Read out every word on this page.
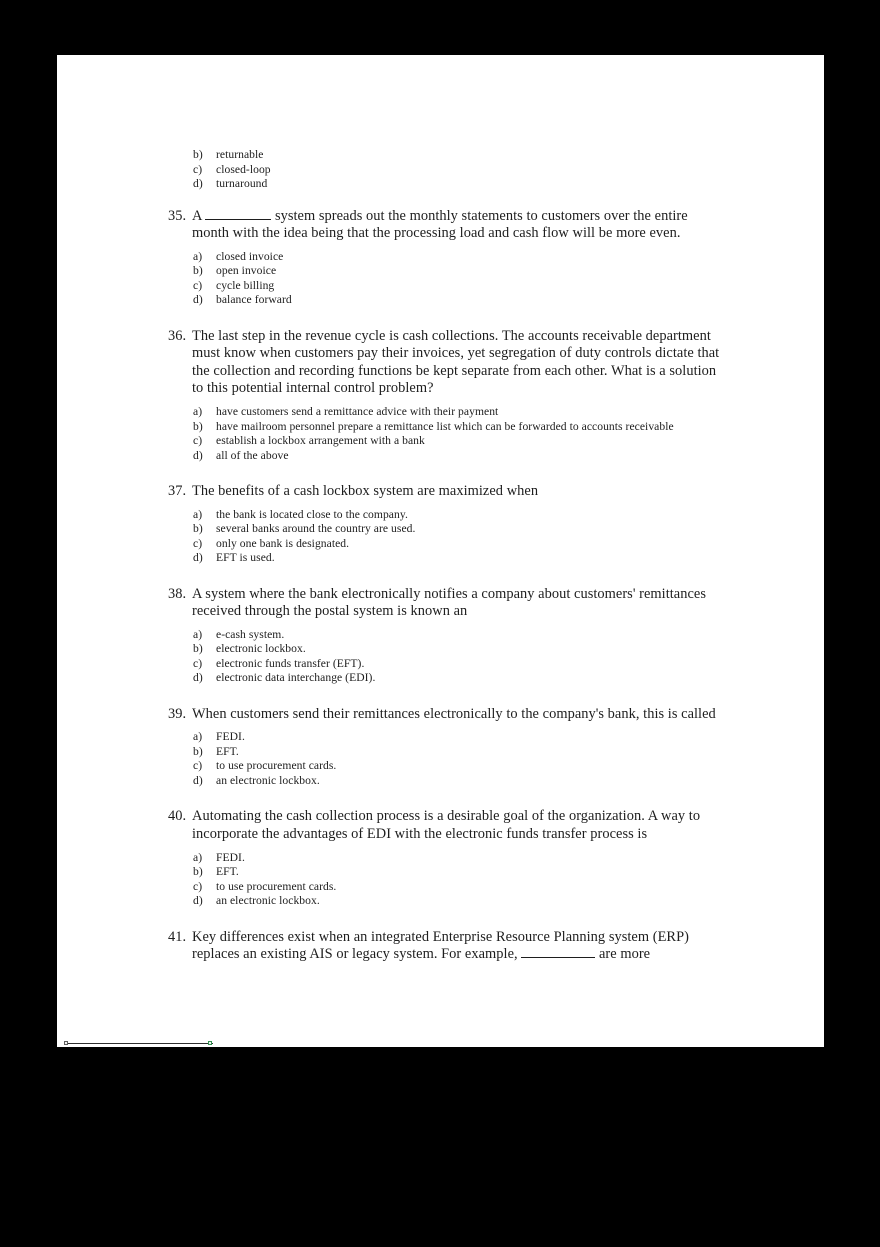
b)	returnable
c)	closed-loop
d)	turnaround
35. A	system spreads out the monthly statements to customers over the entire month with the idea being that the processing load and cash flow will be more even.
a)	closed invoice
b)	open invoice
c)	cycle billing
d)	balance forward
36. The last step in the revenue cycle is cash collections. The accounts receivable department must know when customers pay their invoices, yet segregation of duty controls dictate that the collection and recording functions be kept separate from each other. What is a solution to this potential internal control problem?
a)	have customers send a remittance advice with their payment
b)	have mailroom personnel prepare a remittance list which can be forwarded to accounts receivable
c)	establish a lockbox arrangement with a bank
d)	all of the above
37. The benefits of a cash lockbox system are maximized when
a)	the bank is located close to the company.
b)	several banks around the country are used.
c)	only one bank is designated.
d)	EFT is used.
38. A system where the bank electronically notifies a company about customers' remittances received through the postal system is known an
a)	e-cash system.
b)	electronic lockbox.
c)	electronic funds transfer (EFT).
d)	electronic data interchange (EDI).
39. When customers send their remittances electronically to the company's bank, this is called
a)	FEDI.
b)	EFT.
c)	to use procurement cards.
d)	an electronic lockbox.
40. Automating the cash collection process is a desirable goal of the organization. A way to incorporate the advantages of EDI with the electronic funds transfer process is
a)	FEDI.
b)	EFT.
c)	to use procurement cards.
d)	an electronic lockbox.
41. Key differences exist when an integrated Enterprise Resource Planning system (ERP) replaces an existing AIS or legacy system. For example,	are more
